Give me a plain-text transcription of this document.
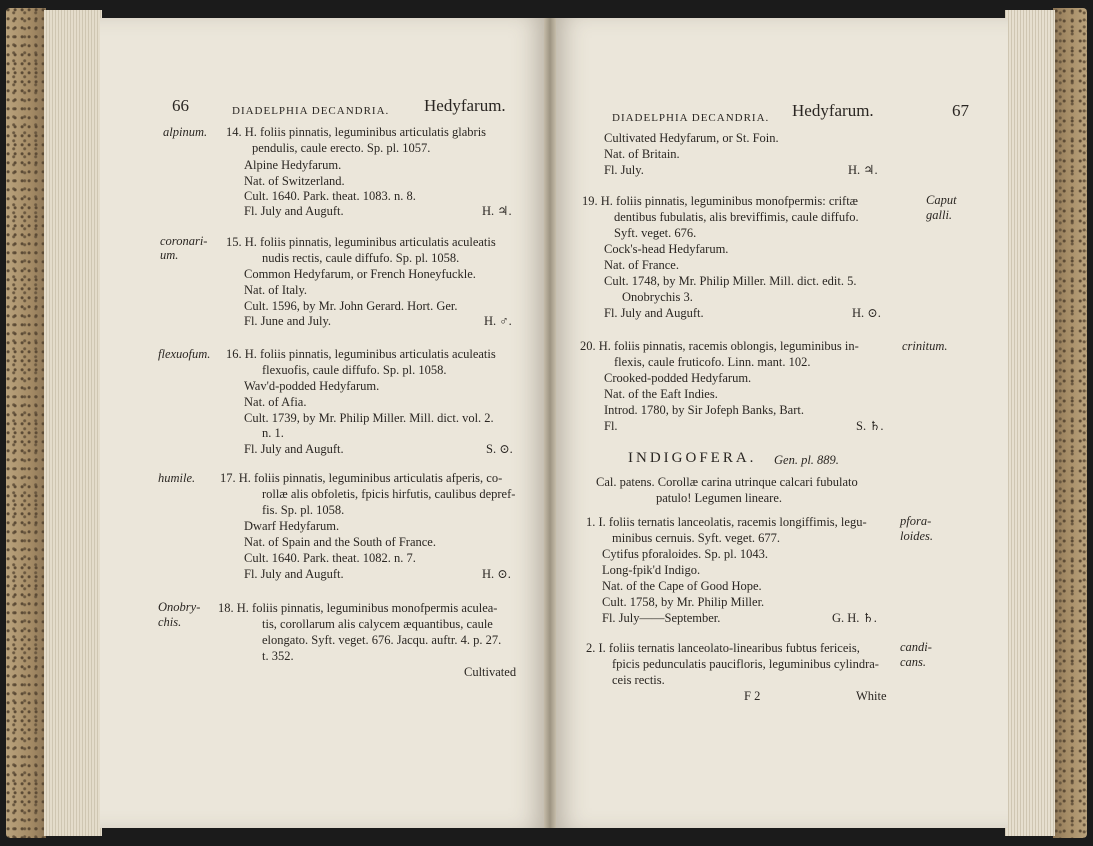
66	DIADELPHIA DECANDRIA. Hedyfarum.
alpinum. 14. H. foliis pinnatis, leguminibus articulatis glabris
pendulis, caule erecto. Sp. pl. 1057.
Alpine Hedyfarum.
Nat. of Switzerland.
Cult. 1640. Park. theat. 1083. n. 8.
Fl. July and Auguft.	H. ♃.
coronari-
um.
15. H. foliis pinnatis, leguminibus articulatis aculeatis
nudis rectis, caule diffufo. Sp. pl. 1058.
Common Hedyfarum, or French Honeyfuckle.
Nat. of Italy.
Cult. 1596, by Mr. John Gerard. Hort. Ger.
Fl. June and July.	H. ♂.
flexuofum. 16. H. foliis pinnatis, leguminibus articulatis aculeatis
flexuofis, caule diffufo. Sp. pl. 1058.
Wav'd-podded Hedyfarum.
Nat. of Afia.
Cult. 1739, by Mr. Philip Miller. Mill. dict. vol. 2.
n. 1.
Fl. July and Auguft.	S. ⊙.
humile. 17. H. foliis pinnatis, leguminibus articulatis afperis, co-
rollæ alis obfoletis, fpicis hirfutis, caulibus depref-
fis. Sp. pl. 1058.
Dwarf Hedyfarum.
Nat. of Spain and the South of France.
Cult. 1640. Park. theat. 1082. n. 7.
Fl. July and Auguft.	H. ⊙.
Onobry-
chis.
18. H. foliis pinnatis, leguminibus monofpermis aculea-
tis, corollarum alis calycem æquantibus, caule
elongato. Syft. veget. 676. Jacqu. auftr. 4. p. 27.
t. 352.
Cultivated
DIADELPHIA DECANDRIA. Hedyfarum.	67
Cultivated Hedyfarum, or St. Foin.
Nat. of Britain.
Fl. July.	H. ♃.
19. H. foliis pinnatis, leguminibus monofpermis: criftæ	Caput
galli.
dentibus fubulatis, alis breviffimis, caule diffufo.
Syft. veget. 676.
Cock's-head Hedyfarum.
Nat. of France.
Cult. 1748, by Mr. Philip Miller. Mill. dict. edit. 5.
Onobrychis 3.
Fl. July and Auguft.	H. ⊙.
20. H. foliis pinnatis, racemis oblongis, leguminibus in-	crinitum.
flexis, caule fruticofo. Linn. mant. 102.
Crooked-podded Hedyfarum.
Nat. of the Eaft Indies.
Introd. 1780, by Sir Jofeph Banks, Bart.
Fl.	S. ♄.
INDIGOFERA. Gen. pl. 889.
Cal. patens. Corollæ carina utrinque calcari fubulato
patulo! Legumen lineare.
1. I. foliis ternatis lanceolatis, racemis longiffimis, legu-	pfora-
loides.
minibus cernuis. Syft. veget. 677.
Cytifus pforaloides. Sp. pl. 1043.
Long-fpik'd Indigo.
Nat. of the Cape of Good Hope.
Cult. 1758, by Mr. Philip Miller.
Fl. July——September.	G. H. ♄.
2. I. foliis ternatis lanceolato-linearibus fubtus fericeis,	candi-
cans.
fpicis pedunculatis paucifloris, leguminibus cylindra-
ceis rectis.
F 2	White
